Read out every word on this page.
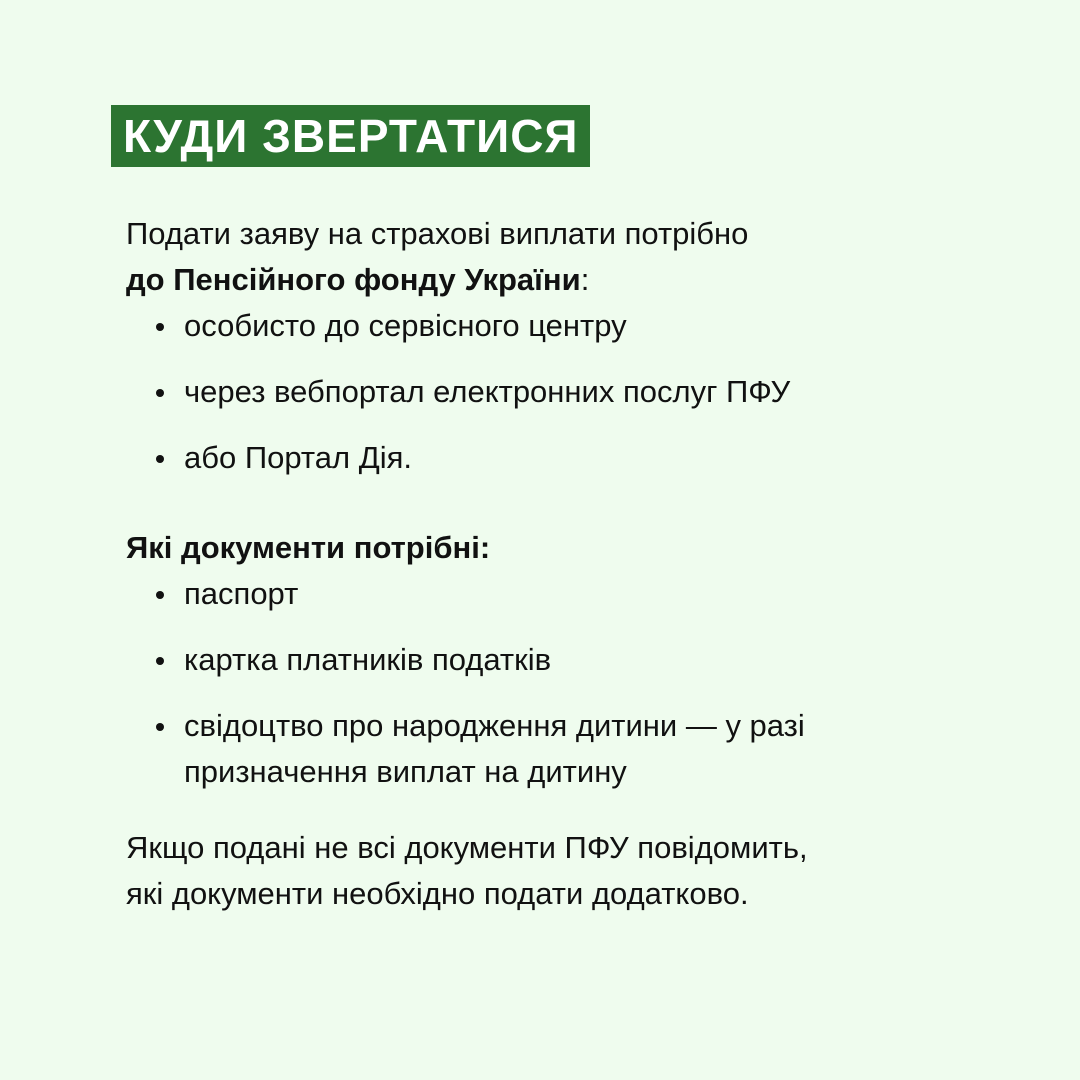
КУДИ ЗВЕРТАТИСЯ
Подати заяву на страхові виплати потрібно
до Пенсійного фонду України:
особисто до сервісного центру
через вебпортал електронних послуг ПФУ
або Портал Дія.
Які документи потрібні:
паспорт
картка платників податків
свідоцтво про народження дитини — у разі призначення виплат на дитину
Якщо подані не всі документи ПФУ повідомить,
які документи необхідно подати додатково.
